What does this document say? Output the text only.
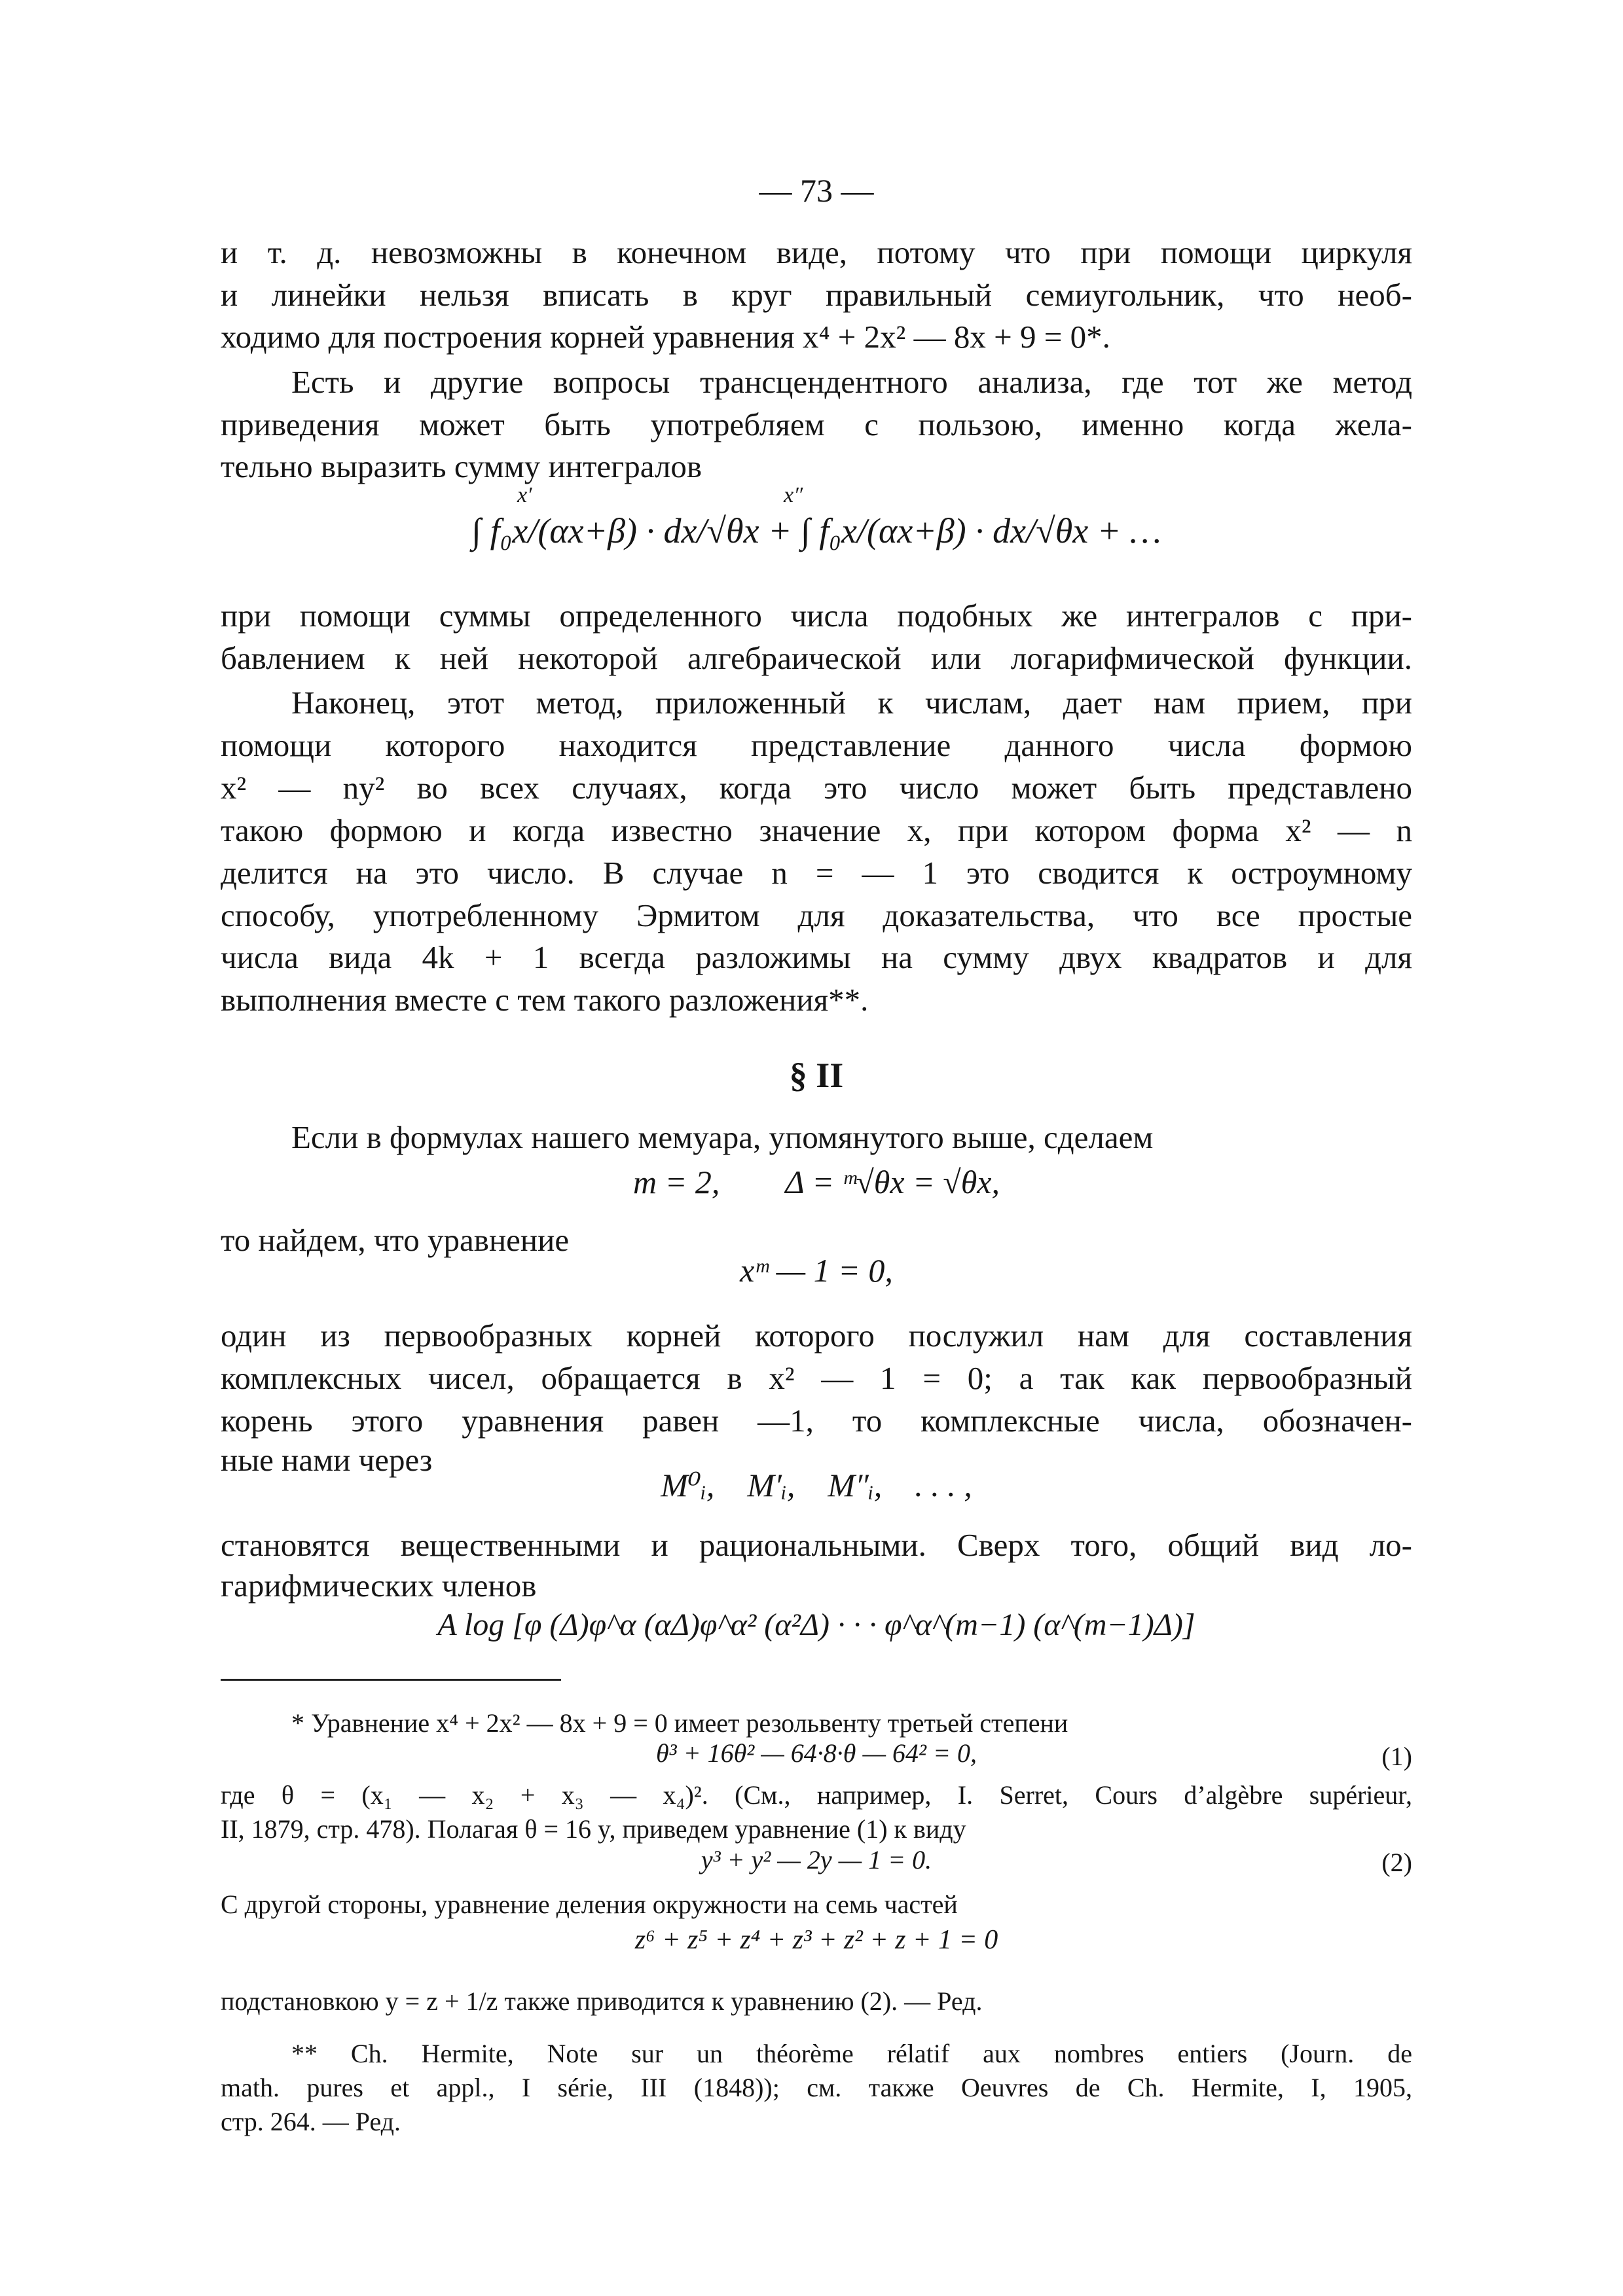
— 73 —
и т. д. невозможны в конечном виде, потому что при помощи циркуля
и линейки нельзя вписать в круг правильный семиугольник, что необ-
ходимо для построения корней уравнения x⁴ + 2x² — 8x + 9 = 0*.
Есть и другие вопросы трансцендентного анализа, где тот же метод
приведения может быть употребляем с пользою, именно когда жела-
тельно выразить сумму интегралов
x′	x″
∫ f₀x/(αx+β) · dx/√θx + ∫ f₀x/(αx+β) · dx/√θx + …
при помощи суммы определенного числа подобных же интегралов с при-
бавлением к ней некоторой алгебраической или логарифмической функции.
Наконец, этот метод, приложенный к числам, дает нам прием, при
помощи которого находится представление данного числа формою
x² — ny² во всех случаях, когда это число может быть представлено
такою формою и когда известно значение x, при котором форма x² — n
делится на это число. В случае n = — 1 это сводится к остроумному
способу, употребленному Эрмитом для доказательства, что все простые
числа вида 4k + 1 всегда разложимы на сумму двух квадратов и для
выполнения вместе с тем такого разложения**.
§ II
Если в формулах нашего мемуара, упомянутого выше, сделаем
m = 2,        Δ = ᵐ√θx = √θx,
то найдем, что уравнение
xᵐ — 1 = 0,
один из первообразных корней которого послужил нам для составления
комплексных чисел, обращается в x² — 1 = 0; а так как первообразный
корень этого уравнения равен —1, то комплексные числа, обозначен-
ные нами через
M⁰ᵢ,    M′ᵢ,    M″ᵢ,    . . . ,
становятся вещественными и рациональными. Сверх того, общий вид ло-
гарифмических членов
A log [φ (Δ)φ^α (αΔ)φ^α² (α²Δ) · · · φ^α^(m−1) (α^(m−1)Δ)]
* Уравнение x⁴ + 2x² — 8x + 9 = 0 имеет резольвенту третьей степени
θ³ + 16θ² — 64·8·θ — 64² = 0,	(1)
где θ = (x₁ — x₂ + x₃ — x₄)². (См., например, I. Serret, Cours d’algèbre supérieur,
II, 1879, стр. 478). Полагая θ = 16 y, приведем уравнение (1) к виду
y³ + y² — 2y — 1 = 0.	(2)
С другой стороны, уравнение деления окружности на семь частей
z⁶ + z⁵ + z⁴ + z³ + z² + z + 1 = 0
подстановкою y = z + 1/z также приводится к уравнению (2). — Ред.
** Ch. Hermite, Note sur un théorème rélatif aux nombres entiers (Journ. de
math. pures et appl., I série, III (1848)); см. также Oeuvres de Ch. Hermite, I, 1905,
стр. 264. — Ред.
